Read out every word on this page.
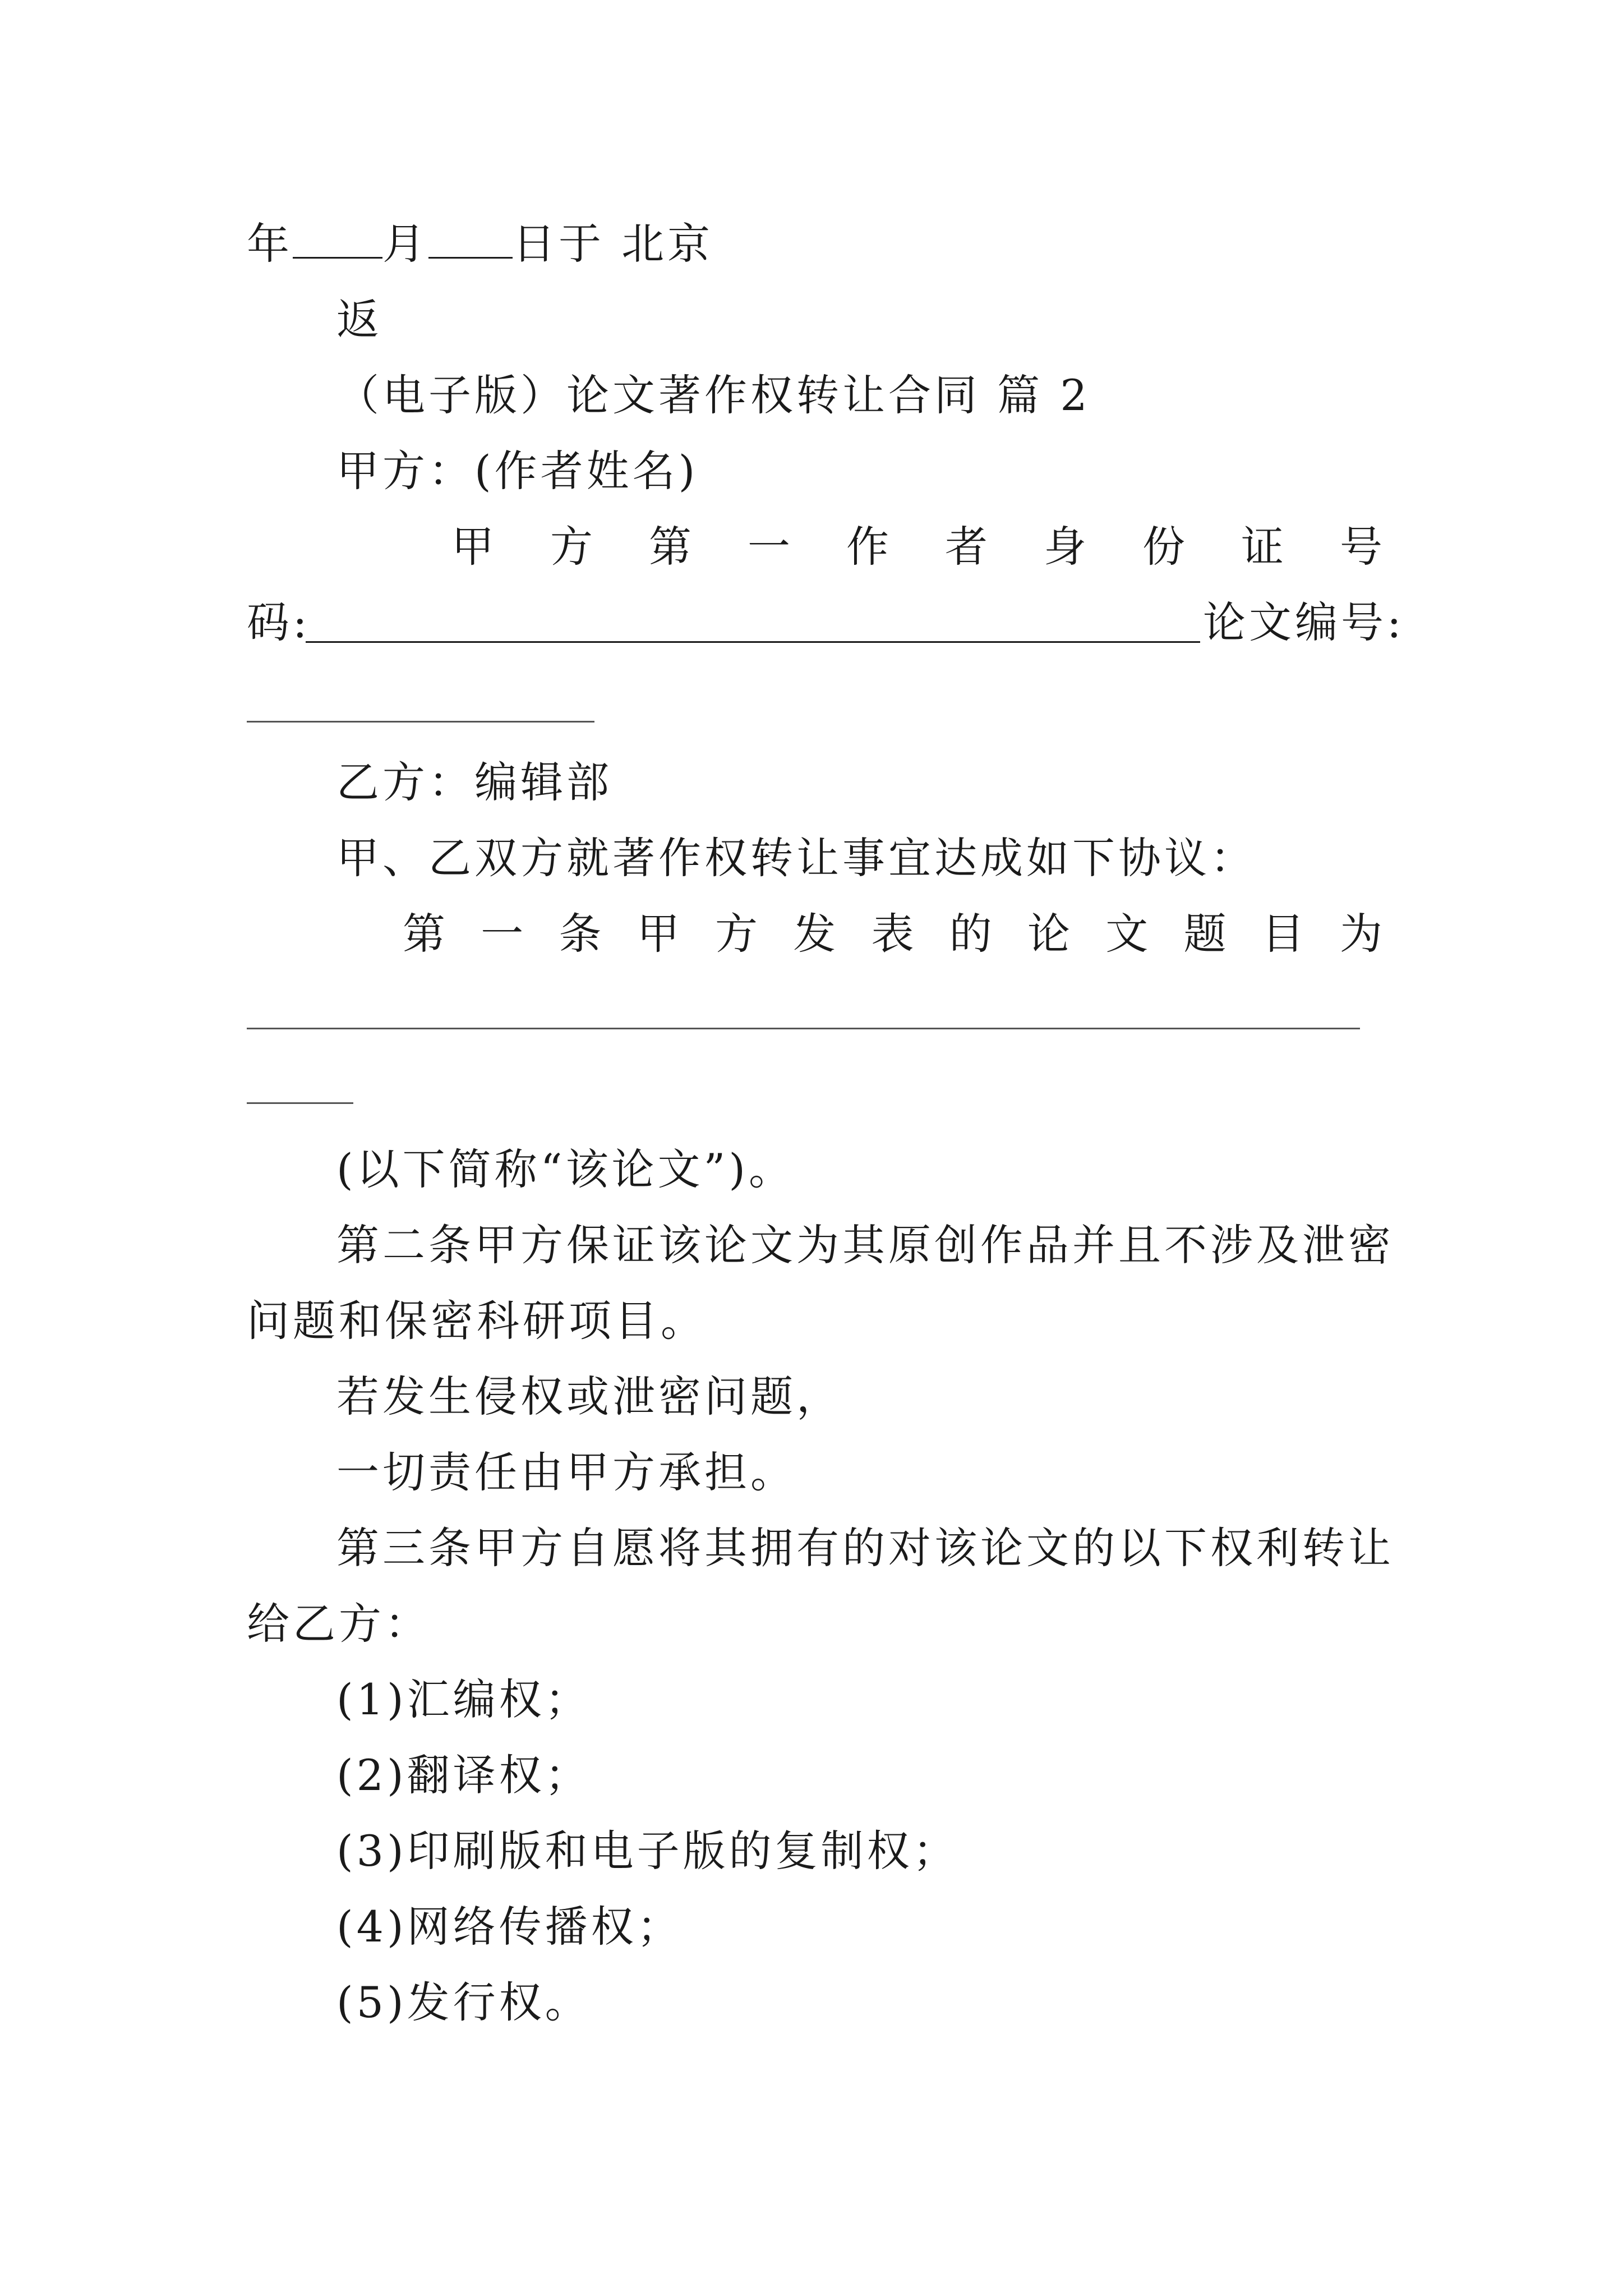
年 月 日于 北京
返
（电子版）论文著作权转让合同 篇 2
甲方：(作者姓名)
甲 方 第 一 作 者 身 份 证 号
码:	论文编号:
乙方：编辑部
甲、乙双方就著作权转让事宜达成如下协议：
第 一 条 甲 方 发 表 的 论 文 题 目 为
(以下简称“该论文”)。
第二条甲方保证该论文为其原创作品并且不涉及泄密
问题和保密科研项目。
若发生侵权或泄密问题，
一切责任由甲方承担。
第三条甲方自愿将其拥有的对该论文的以下权利转让
给乙方：
(1)汇编权；
(2)翻译权；
(3)印刷版和电子版的复制权；
(4)网络传播权；
(5)发行权。
